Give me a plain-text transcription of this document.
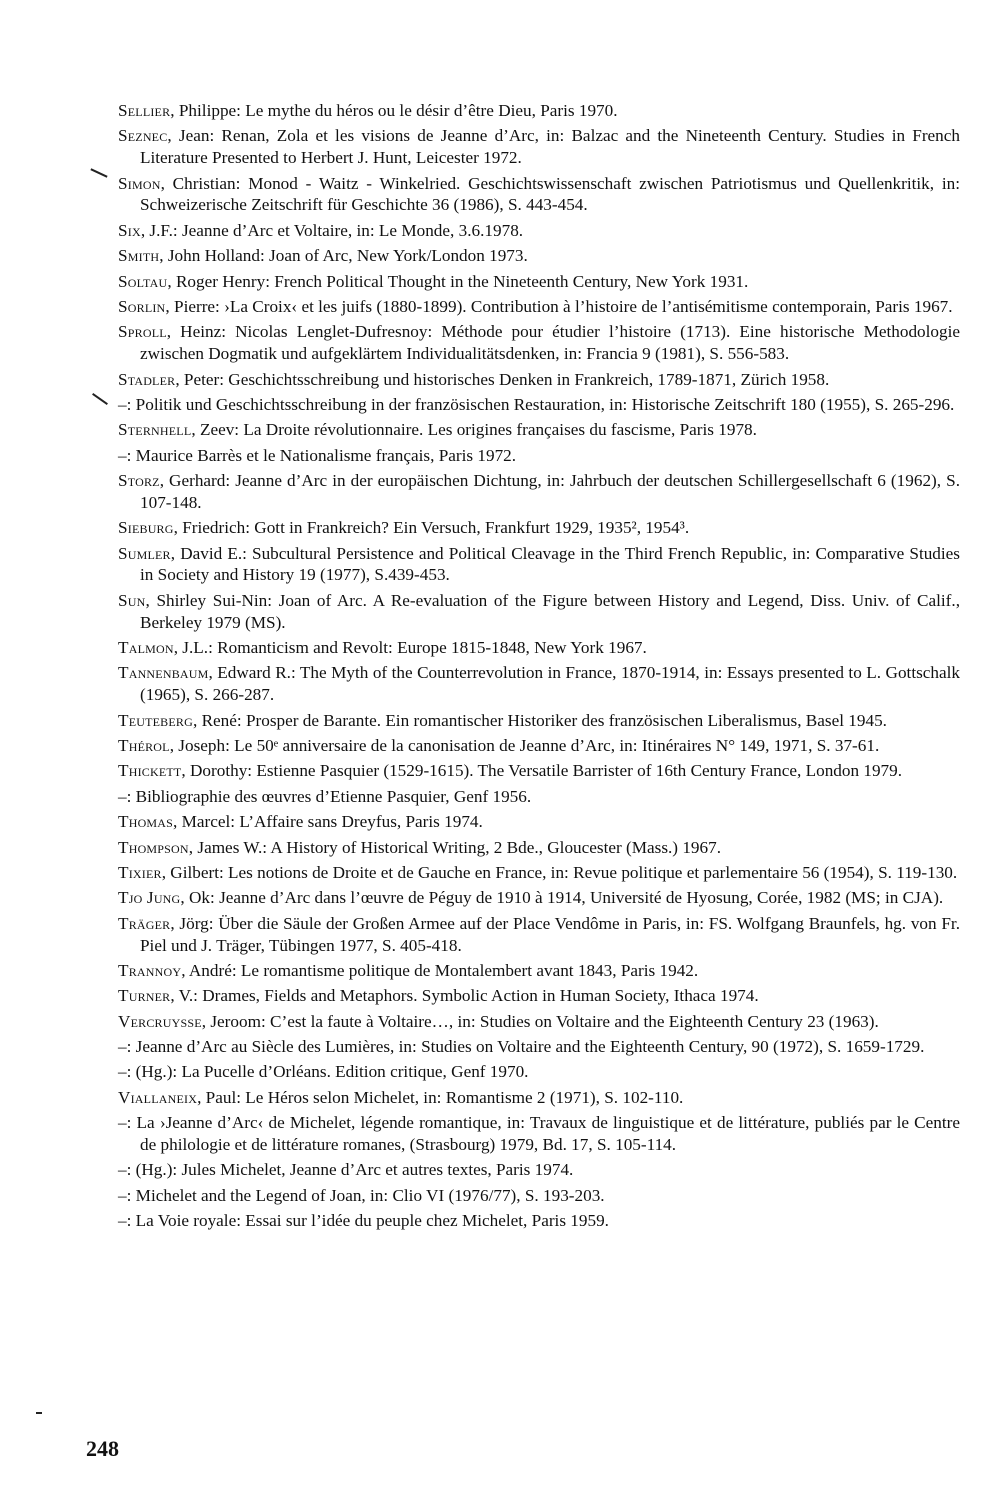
Sellier, Philippe: Le mythe du héros ou le désir d’être Dieu, Paris 1970.

Seznec, Jean: Renan, Zola et les visions de Jeanne d’Arc, in: Balzac and the Nineteenth Century. Studies in French Literature Presented to Herbert J. Hunt, Leicester 1972.

Simon, Christian: Monod - Waitz - Winkelried. Geschichtswissenschaft zwischen Patriotismus und Quellenkritik, in: Schweizerische Zeitschrift für Geschichte 36 (1986), S. 443-454.

Six, J.F.: Jeanne d’Arc et Voltaire, in: Le Monde, 3.6.1978.

Smith, John Holland: Joan of Arc, New York/London 1973.

Soltau, Roger Henry: French Political Thought in the Nineteenth Century, New York 1931.

Sorlin, Pierre: ›La Croix‹ et les juifs (1880-1899). Contribution à l’histoire de l’antisémitisme contemporain, Paris 1967.

Sproll, Heinz: Nicolas Lenglet-Dufresnoy: Méthode pour étudier l’histoire (1713). Eine historische Methodologie zwischen Dogmatik und aufgeklärtem Individualitätsdenken, in: Francia 9 (1981), S. 556-583.

Stadler, Peter: Geschichtsschreibung und historisches Denken in Frankreich, 1789-1871, Zürich 1958.

–: Politik und Geschichtsschreibung in der französischen Restauration, in: Historische Zeitschrift 180 (1955), S. 265-296.

Sternhell, Zeev: La Droite révolutionnaire. Les origines françaises du fascisme, Paris 1978.

–: Maurice Barrès et le Nationalisme français, Paris 1972.

Storz, Gerhard: Jeanne d’Arc in der europäischen Dichtung, in: Jahrbuch der deutschen Schillergesellschaft 6 (1962), S. 107-148.

Sieburg, Friedrich: Gott in Frankreich? Ein Versuch, Frankfurt 1929, 1935², 1954³.

Sumler, David E.: Subcultural Persistence and Political Cleavage in the Third French Republic, in: Comparative Studies in Society and History 19 (1977), S.439-453.

Sun, Shirley Sui-Nin: Joan of Arc. A Re-evaluation of the Figure between History and Legend, Diss. Univ. of Calif., Berkeley 1979 (MS).

Talmon, J.L.: Romanticism and Revolt: Europe 1815-1848, New York 1967.

Tannenbaum, Edward R.: The Myth of the Counterrevolution in France, 1870-1914, in: Essays presented to L. Gottschalk (1965), S. 266-287.

Teuteberg, René: Prosper de Barante. Ein romantischer Historiker des französischen Liberalismus, Basel 1945.

Thérol, Joseph: Le 50ᵉ anniversaire de la canonisation de Jeanne d’Arc, in: Itinéraires N° 149, 1971, S. 37-61.

Thickett, Dorothy: Estienne Pasquier (1529-1615). The Versatile Barrister of 16th Century France, London 1979.

–: Bibliographie des œuvres d’Etienne Pasquier, Genf 1956.

Thomas, Marcel: L’Affaire sans Dreyfus, Paris 1974.

Thompson, James W.: A History of Historical Writing, 2 Bde., Gloucester (Mass.) 1967.

Tixier, Gilbert: Les notions de Droite et de Gauche en France, in: Revue politique et parlementaire 56 (1954), S. 119-130.

Tjo Jung, Ok: Jeanne d’Arc dans l’œuvre de Péguy de 1910 à 1914, Université de Hyosung, Corée, 1982 (MS; in CJA).

Träger, Jörg: Über die Säule der Großen Armee auf der Place Vendôme in Paris, in: FS. Wolfgang Braunfels, hg. von Fr. Piel und J. Träger, Tübingen 1977, S. 405-418.

Trannoy, André: Le romantisme politique de Montalembert avant 1843, Paris 1942.

Turner, V.: Drames, Fields and Metaphors. Symbolic Action in Human Society, Ithaca 1974.

Vercruysse, Jeroom: C’est la faute à Voltaire…, in: Studies on Voltaire and the Eighteenth Century 23 (1963).

–: Jeanne d’Arc au Siècle des Lumières, in: Studies on Voltaire and the Eighteenth Century, 90 (1972), S. 1659-1729.

–: (Hg.): La Pucelle d’Orléans. Edition critique, Genf 1970.

Viallaneix, Paul: Le Héros selon Michelet, in: Romantisme 2 (1971), S. 102-110.

–: La ›Jeanne d’Arc‹ de Michelet, légende romantique, in: Travaux de linguistique et de littérature, publiés par le Centre de philologie et de littérature romanes, (Strasbourg) 1979, Bd. 17, S. 105-114.

–: (Hg.): Jules Michelet, Jeanne d’Arc et autres textes, Paris 1974.

–: Michelet and the Legend of Joan, in: Clio VI (1976/77), S. 193-203.

–: La Voie royale: Essai sur l’idée du peuple chez Michelet, Paris 1959.

248
